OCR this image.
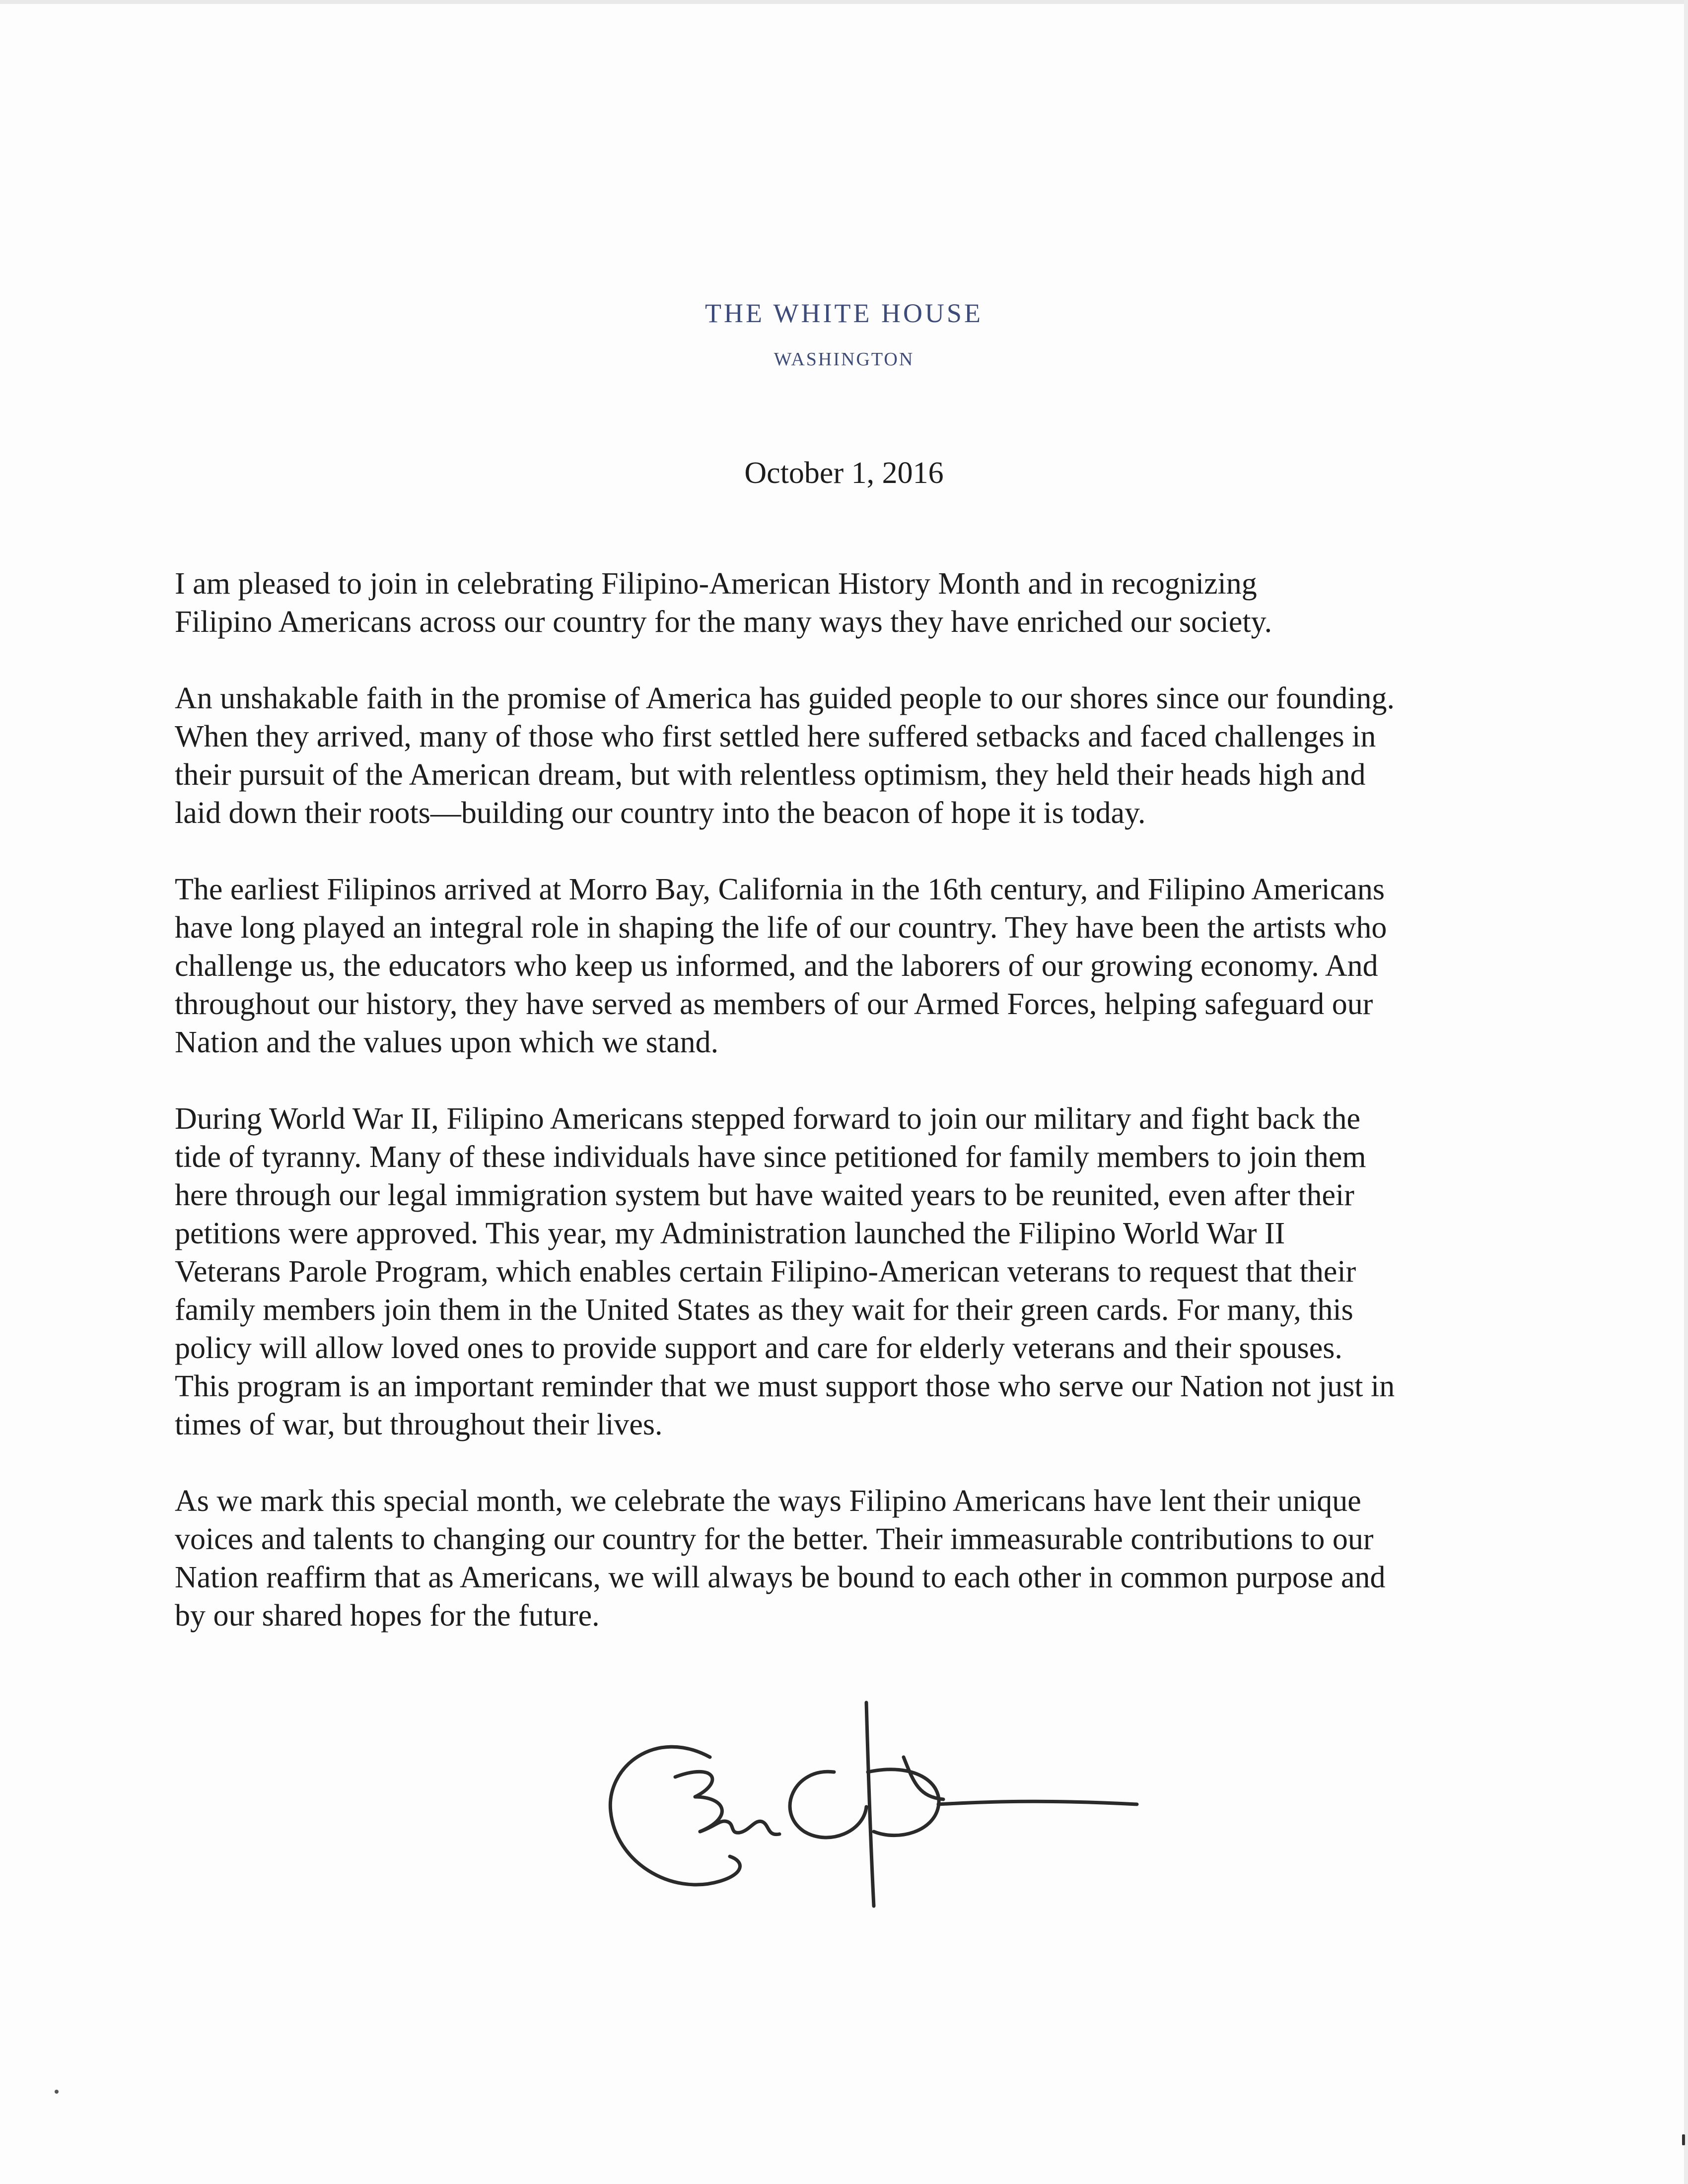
THE WHITE HOUSE
WASHINGTON
October 1, 2016

I am pleased to join in celebrating Filipino-American History Month and in recognizing
Filipino Americans across our country for the many ways they have enriched our society.

An unshakable faith in the promise of America has guided people to our shores since our founding.
When they arrived, many of those who first settled here suffered setbacks and faced challenges in
their pursuit of the American dream, but with relentless optimism, they held their heads high and
laid down their roots—building our country into the beacon of hope it is today.

The earliest Filipinos arrived at Morro Bay, California in the 16th century, and Filipino Americans
have long played an integral role in shaping the life of our country. They have been the artists who
challenge us, the educators who keep us informed, and the laborers of our growing economy. And
throughout our history, they have served as members of our Armed Forces, helping safeguard our
Nation and the values upon which we stand.

During World War II, Filipino Americans stepped forward to join our military and fight back the
tide of tyranny. Many of these individuals have since petitioned for family members to join them
here through our legal immigration system but have waited years to be reunited, even after their
petitions were approved. This year, my Administration launched the Filipino World War II
Veterans Parole Program, which enables certain Filipino-American veterans to request that their
family members join them in the United States as they wait for their green cards. For many, this
policy will allow loved ones to provide support and care for elderly veterans and their spouses.
This program is an important reminder that we must support those who serve our Nation not just in
times of war, but throughout their lives.

As we mark this special month, we celebrate the ways Filipino Americans have lent their unique
voices and talents to changing our country for the better. Their immeasurable contributions to our
Nation reaffirm that as Americans, we will always be bound to each other in common purpose and
by our shared hopes for the future.
